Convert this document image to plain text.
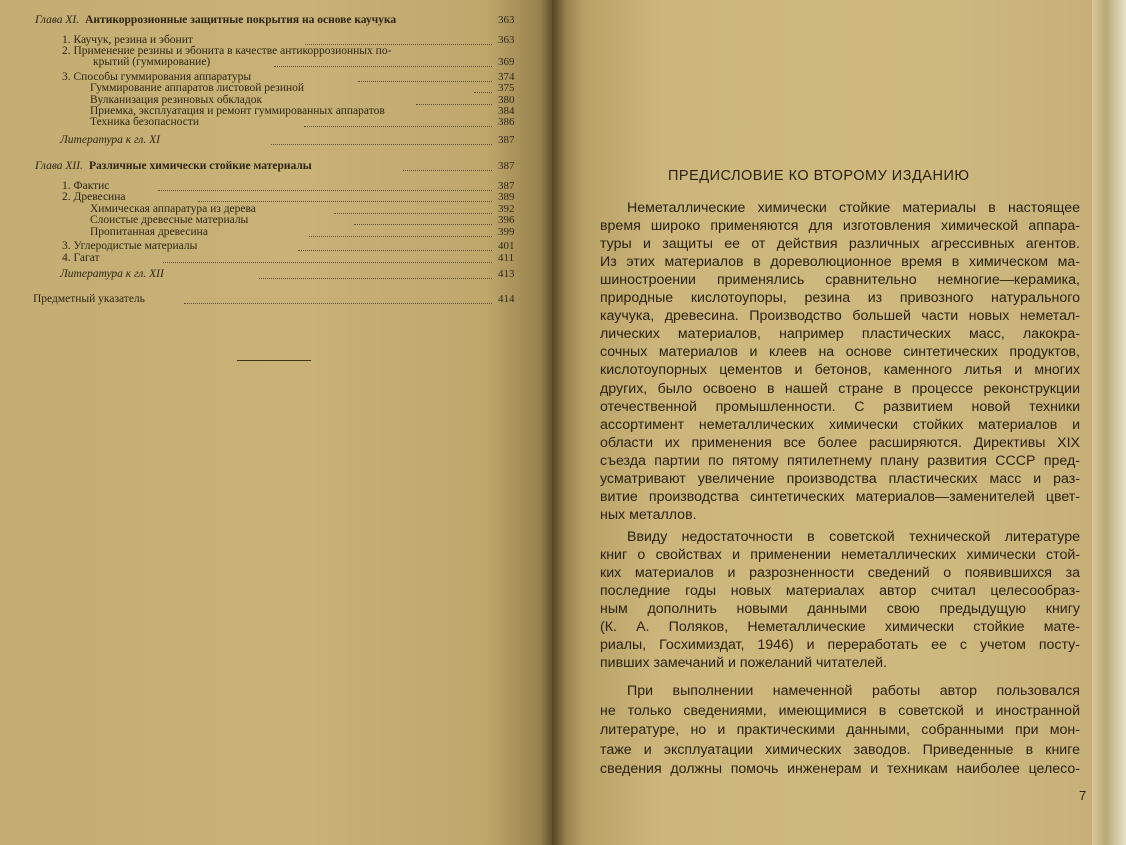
Глава XI. Антикоррозионные защитные покрытия на основе каучука	363
1. Каучук, резина и эбонит	363
2. Применение резины и эбонита в качестве антикоррозионных по-
крытий (гуммирование)	369
3. Способы гуммирования аппаратуры	374
Гуммирование аппаратов листовой резиной	375
Вулканизация резиновых обкладок	380
Приемка, эксплуатация и ремонт гуммированных аппаратов	384
Техника безопасности	386
Литература к гл. XI	387
Глава XII. Различные химически стойкие материалы	387
1. Фактис	387
2. Древесина	389
Химическая аппаратура из дерева	392
Слоистые древесные материалы	396
Пропитанная древесина	399
3. Углеродистые материалы	401
4. Гагат	411
Литература к гл. XII	413
Предметный указатель	414
ПРЕДИСЛОВИЕ КО ВТОРОМУ ИЗДАНИЮ
Неметаллические химически стойкие материалы в настоящее
время широко применяются для изготовления химической аппара-
туры и защиты ее от действия различных агрессивных агентов.
Из этих материалов в дореволюционное время в химическом ма-
шиностроении применялись сравнительно немногие—керамика,
природные кислотоупоры, резина из привозного натурального
каучука, древесина. Производство большей части новых неметал-
лических материалов, например пластических масс, лакокра-
сочных материалов и клеев на основе синтетических продуктов,
кислотоупорных цементов и бетонов, каменного литья и многих
других, было освоено в нашей стране в процессе реконструкции
отечественной промышленности. С развитием новой техники
ассортимент неметаллических химически стойких материалов и
области их применения все более расширяются. Директивы XIX
съезда партии по пятому пятилетнему плану развития СССР пред-
усматривают увеличение производства пластических масс и раз-
витие производства синтетических материалов—заменителей цвет-
ных металлов.
Ввиду недостаточности в советской технической литературе
книг о свойствах и применении неметаллических химически стой-
ких материалов и разрозненности сведений о появившихся за
последние годы новых материалах автор считал целесообраз-
ным дополнить новыми данными свою предыдущую книгу
(К. А. Поляков, Неметаллические химически стойкие мате-
риалы, Госхимиздат, 1946) и переработать ее с учетом посту-
пивших замечаний и пожеланий читателей.
При выполнении намеченной работы автор пользовался
не только сведениями, имеющимися в советской и иностранной
литературе, но и практическими данными, собранными при мон-
таже и эксплуатации химических заводов. Приведенные в книге
сведения должны помочь инженерам и техникам наиболее целесо-
7
